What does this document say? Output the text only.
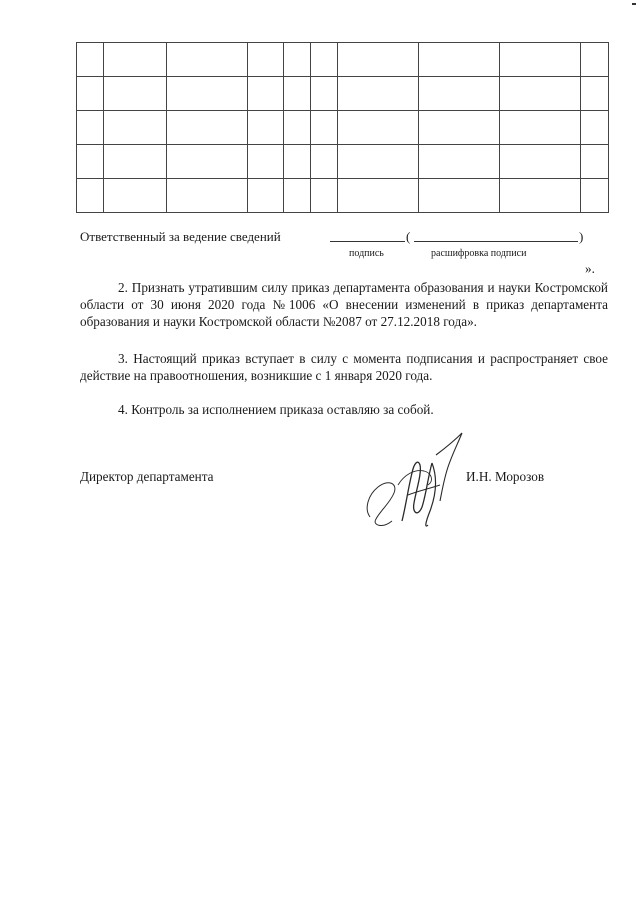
Ответственный за ведение сведений	(	)
подпись	расшифровка подписи
».
2. Признать утратившим силу приказ департамента образования и науки Костромской области от 30 июня 2020 года №1006 «О внесении изменений в приказ департамента образования и науки Костромской области №2087 от 27.12.2018 года».
3. Настоящий приказ вступает в силу с момента подписания и распространяет свое действие на правоотношения, возникшие с 1 января 2020 года.
4. Контроль за исполнением приказа оставляю за собой.
Директор департамента	И.Н. Морозов
